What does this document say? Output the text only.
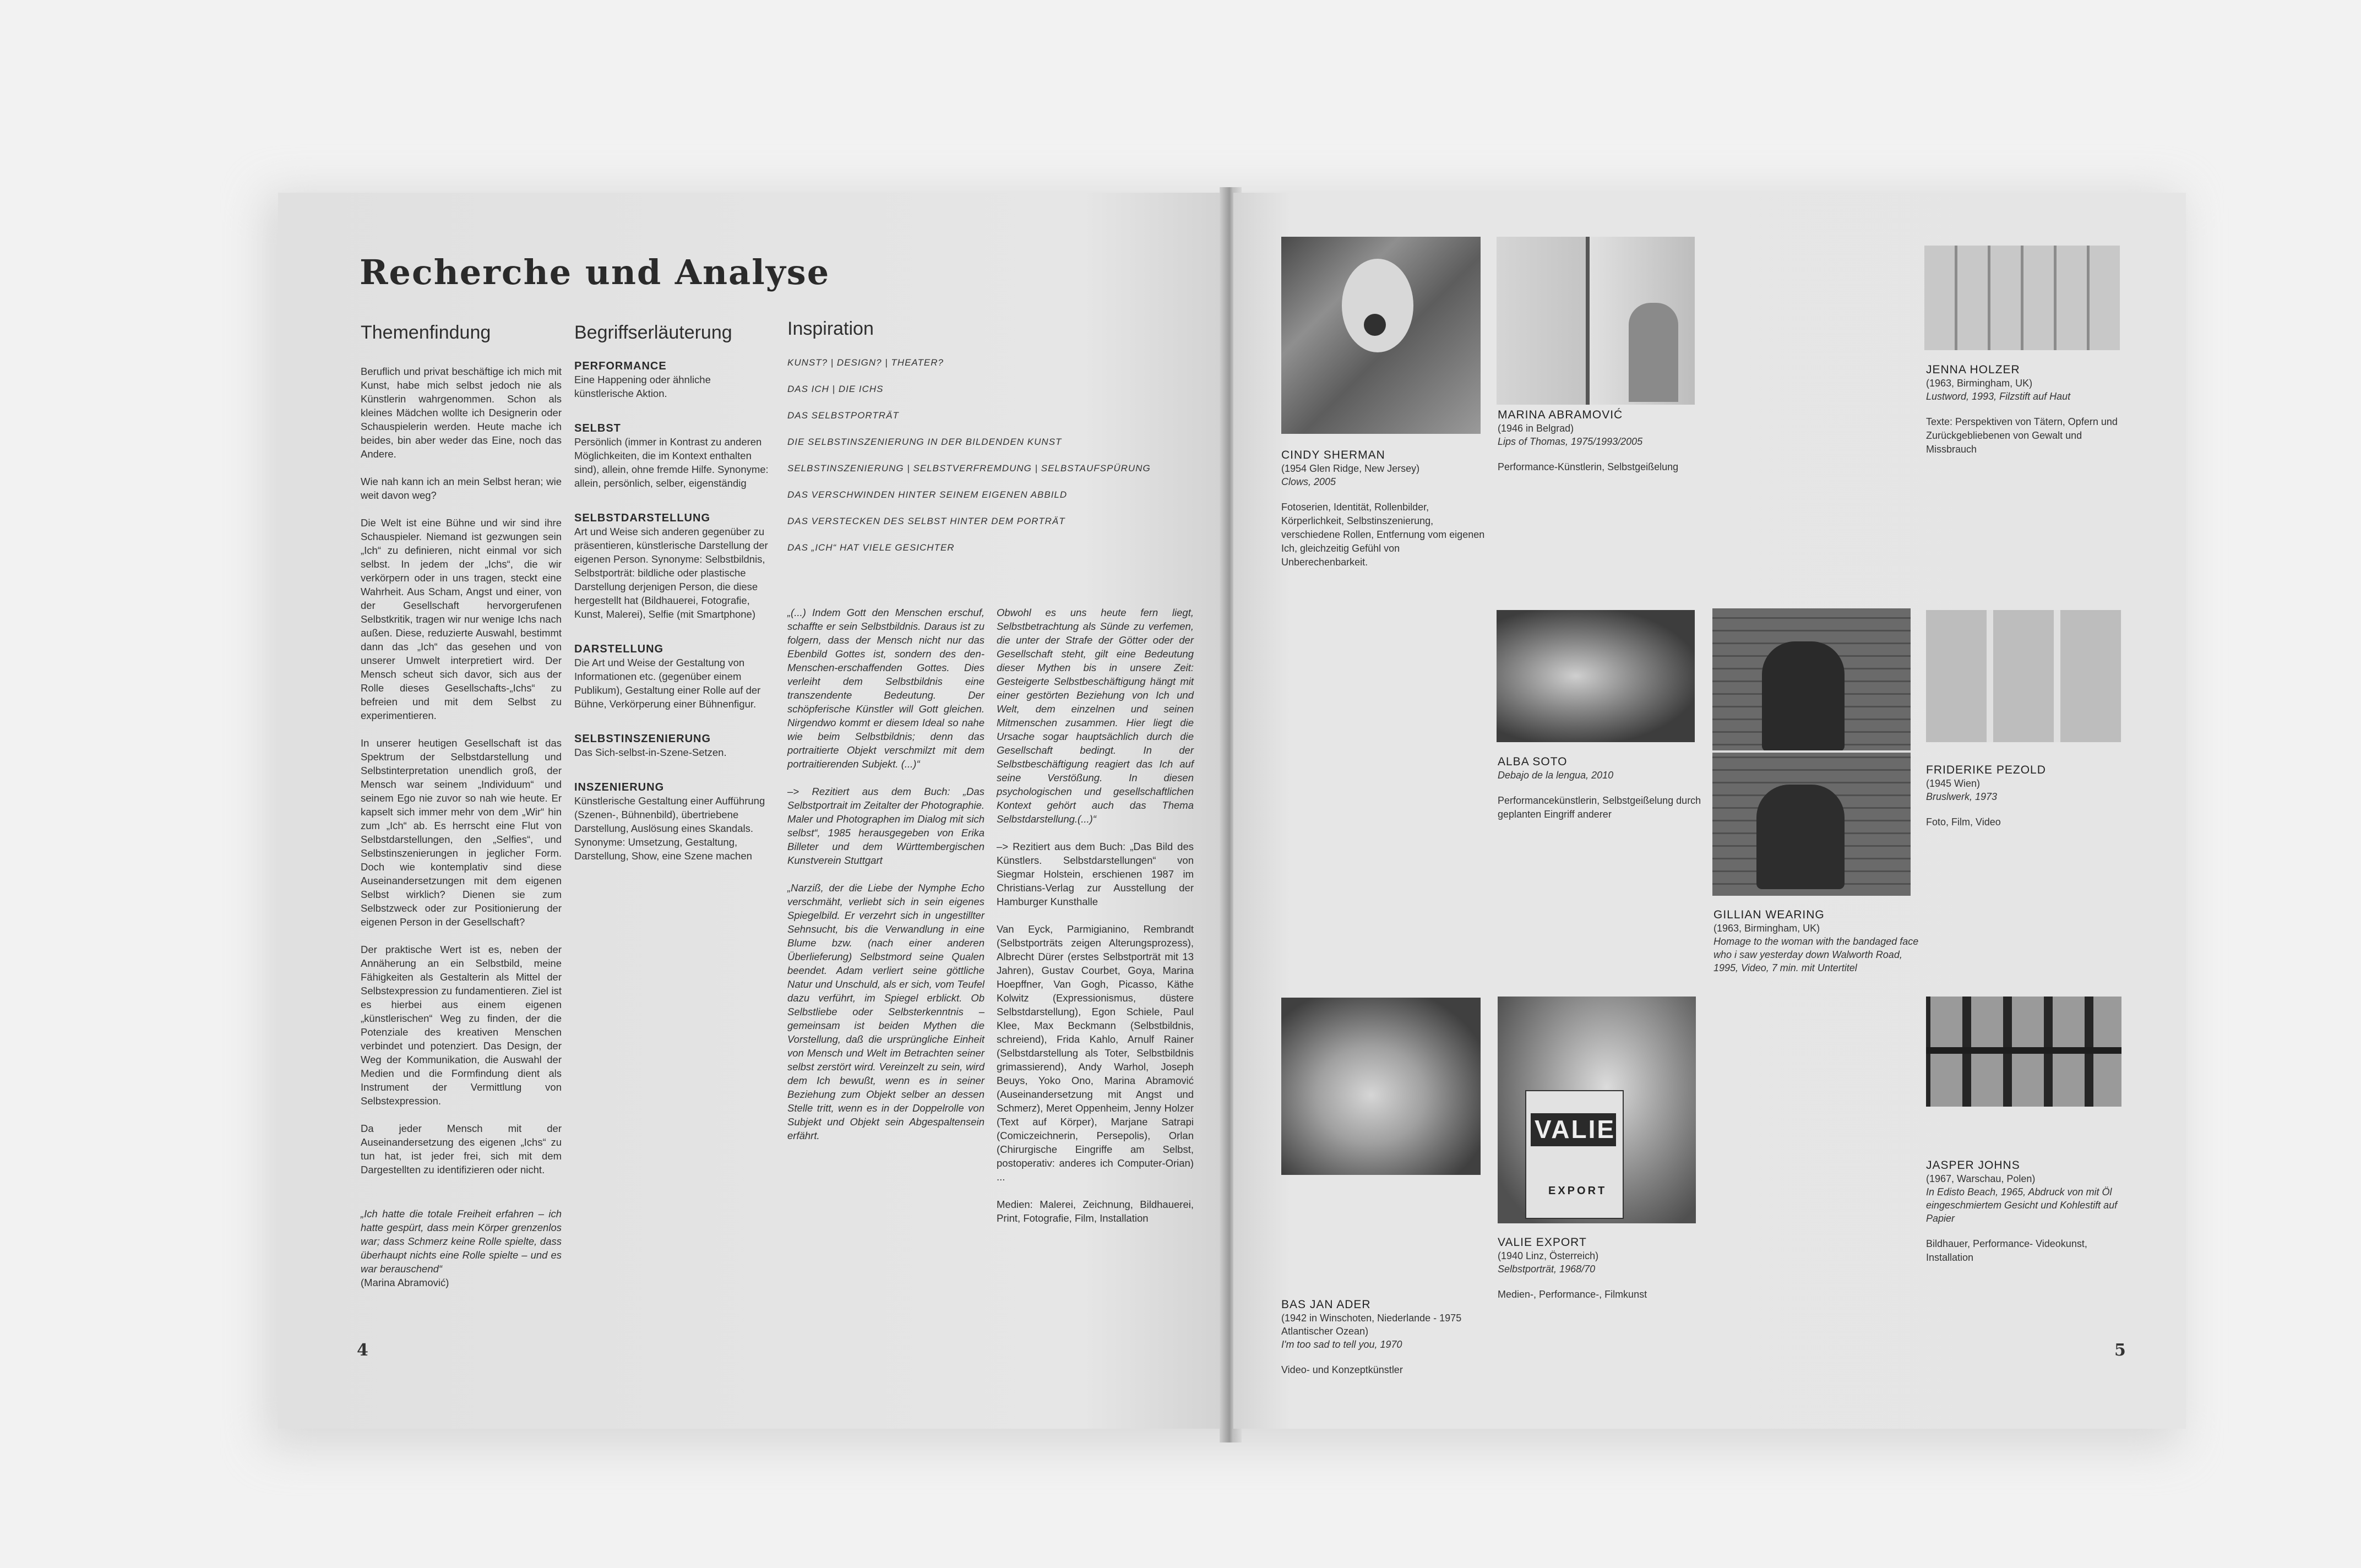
Recherche und Analyse
Themenfindung

Beruflich und privat beschäftige ich mich mit Kunst, habe mich selbst jedoch nie als Künstlerin wahrgenommen. Schon als kleines Mädchen wollte ich Designerin oder Schauspielerin werden. Heute mache ich beides, bin aber weder das Eine, noch das Andere.

Wie nah kann ich an mein Selbst heran; wie weit davon weg?

Die Welt ist eine Bühne und wir sind ihre Schauspieler. Niemand ist gezwungen sein „Ich“ zu definieren, nicht einmal vor sich selbst. In jedem der „Ichs“, die wir verkörpern oder in uns tragen, steckt eine Wahrheit. Aus Scham, Angst und einer, von der Gesellschaft hervorgerufenen Selbstkritik, tragen wir nur wenige Ichs nach außen. Diese, reduzierte Auswahl, bestimmt dann das „Ich“ das gesehen und von unserer Umwelt interpretiert wird. Der Mensch scheut sich davor, sich aus der Rolle dieses Gesellschafts-„Ichs“ zu befreien und mit dem Selbst zu experimentieren.

In unserer heutigen Gesellschaft ist das Spektrum der Selbstdarstellung und Selbstinterpretation unendlich groß, der Mensch war seinem „Individuum“ und seinem Ego nie zuvor so nah wie heute. Er kapselt sich immer mehr von dem „Wir“ hin zum „Ich“ ab. Es herrscht eine Flut von Selbstdarstellungen, den „Selfies“, und Selbstinszenierungen in jeglicher Form. Doch wie kontemplativ sind diese Auseinandersetzungen mit dem eigenen Selbst wirklich? Dienen sie zum Selbstzweck oder zur Positionierung der eigenen Person in der Gesellschaft?

Der praktische Wert ist es, neben der Annäherung an ein Selbstbild, meine Fähigkeiten als Gestalterin als Mittel der Selbstexpression zu fundamentieren. Ziel ist es hierbei aus einem eigenen „künstlerischen“ Weg zu finden, der die Potenziale des kreativen Menschen verbindet und potenziert. Das Design, der Weg der Kommunikation, die Auswahl der Medien und die Formfindung dient als Instrument der Vermittlung von Selbstexpression.

Da jeder Mensch mit der Auseinandersetzung des eigenen „Ichs“ zu tun hat, ist jeder frei, sich mit dem Dargestellten zu identifizieren oder nicht.

„Ich hatte die totale Freiheit erfahren – ich hatte gespürt, dass mein Körper grenzenlos war; dass Schmerz keine Rolle spielte, dass überhaupt nichts eine Rolle spielte – und es war berauschend“

(Marina Abramović)

Begriffserläuterung

PERFORMANCE

Eine Happening oder ähnliche künstlerische Aktion.

SELBST

Persönlich (immer in Kontrast zu anderen Möglichkeiten, die im Kontext enthalten sind), allein, ohne fremde Hilfe. Synonyme: allein, persönlich, selber, eigenständig

SELBSTDARSTELLUNG

Art und Weise sich anderen gegenüber zu präsentieren, künstlerische Darstellung der eigenen Person. Synonyme: Selbstbildnis, Selbstporträt: bildliche oder plastische Darstellung derjenigen Person, die diese hergestellt hat (Bildhauerei, Fotografie, Kunst, Malerei), Selfie (mit Smartphone)

DARSTELLUNG

Die Art und Weise der Gestaltung von Informationen etc. (gegenüber einem Publikum), Gestaltung einer Rolle auf der Bühne, Verkörperung einer Bühnenfigur.

SELBSTINSZENIERUNG

Das Sich-selbst-in-Szene-Setzen.

INSZENIERUNG

Künstlerische Gestaltung einer Aufführung (Szenen-, Bühnenbild), übertriebene Darstellung, Auslösung eines Skandals. Synonyme: Umsetzung, Gestaltung, Darstellung, Show, eine Szene machen

Inspiration

KUNST? | DESIGN? | THEATER?

DAS ICH | DIE ICHS

DAS SELBSTPORTRÄT

DIE SELBSTINSZENIERUNG IN DER BILDENDEN KUNST

SELBSTINSZENIERUNG | SELBSTVERFREMDUNG | SELBSTAUFSPÜRUNG

DAS VERSCHWINDEN HINTER SEINEM EIGENEN ABBILD

DAS VERSTECKEN DES SELBST HINTER DEM PORTRÄT

DAS „ICH“ HAT VIELE GESICHTER

„(...) Indem Gott den Menschen erschuf, schaffte er sein Selbstbildnis. Daraus ist zu folgern, dass der Mensch nicht nur das Ebenbild Gottes ist, sondern des den-Menschen-erschaffenden Gottes. Dies verleiht dem Selbstbildnis eine transzendente Bedeutung. Der schöpferische Künstler will Gott gleichen. Nirgendwo kommt er diesem Ideal so nahe wie beim Selbstbildnis; denn das portraitierte Objekt verschmilzt mit dem portraitierenden Subjekt. (...)“

–> Rezitiert aus dem Buch: „Das Selbstportrait im Zeitalter der Photographie. Maler und Photographen im Dialog mit sich selbst“, 1985 herausgegeben von Erika Billeter und dem Württembergischen Kunstverein Stuttgart

„Narziß, der die Liebe der Nymphe Echo verschmäht, verliebt sich in sein eigenes Spiegelbild. Er verzehrt sich in ungestillter Sehnsucht, bis die Verwandlung in eine Blume bzw. (nach einer anderen Überlieferung) Selbstmord seine Qualen beendet. Adam verliert seine göttliche Natur und Unschuld, als er sich, vom Teufel dazu verführt, im Spiegel erblickt. Ob Selbstliebe oder Selbsterkenntnis – gemeinsam ist beiden Mythen die Vorstellung, daß die ursprüngliche Einheit von Mensch und Welt im Betrachten seiner selbst zerstört wird. Vereinzelt zu sein, wird dem Ich bewußt, wenn es in seiner Beziehung zum Objekt selber an dessen Stelle tritt, wenn es in der Doppelrolle von Subjekt und Objekt sein Abgespaltensein erfährt.

Obwohl es uns heute fern liegt, Selbstbetrachtung als Sünde zu verfemen, die unter der Strafe der Götter oder der Gesellschaft steht, gilt eine Bedeutung dieser Mythen bis in unsere Zeit: Gesteigerte Selbstbeschäftigung hängt mit einer gestörten Beziehung von Ich und Welt, dem einzelnen und seinen Mitmenschen zusammen. Hier liegt die Ursache sogar hauptsächlich durch die Gesellschaft bedingt. In der Selbstbeschäftigung reagiert das Ich auf seine Verstößung. In diesen psychologischen und gesellschaftlichen Kontext gehört auch das Thema Selbstdarstellung.(...)“

–> Rezitiert aus dem Buch: „Das Bild des Künstlers. Selbstdarstellungen“ von Siegmar Holstein, erschienen 1987 im Christians-Verlag zur Ausstellung der Hamburger Kunsthalle

Van Eyck, Parmigianino, Rembrandt (Selbstporträts zeigen Alterungsprozess), Albrecht Dürer (erstes Selbstporträt mit 13 Jahren), Gustav Courbet, Goya, Marina Hoepffner, Van Gogh, Picasso, Käthe Kolwitz (Expressionismus, düstere Selbstdarstellung), Egon Schiele, Paul Klee, Max Beckmann (Selbstbildnis, schreiend), Frida Kahlo, Arnulf Rainer (Selbstdarstellung als Toter, Selbstbildnis grimassierend), Andy Warhol, Joseph Beuys, Yoko Ono, Marina Abramović (Auseinandersetzung mit Angst und Schmerz), Meret Oppenheim, Jenny Holzer (Text auf Körper), Marjane Satrapi (Comiczeichnerin, Persepolis), Orlan (Chirurgische Eingriffe am Selbst, postoperativ: anderes ich Computer-Orian) ...

Medien: Malerei, Zeichnung, Bildhauerei, Print, Fotografie, Film, Installation

4

CINDY SHERMAN

(1954 Glen Ridge, New Jersey)

Clows, 2005

Fotoserien, Identität, Rollenbilder, Körperlichkeit, Selbstinszenierung, verschiedene Rollen, Entfernung vom eigenen Ich, gleichzeitig Gefühl von Unberechenbarkeit.

MARINA ABRAMOVIĆ

(1946 in Belgrad)

Lips of Thomas, 1975/1993/2005

Performance-Künstlerin, Selbstgeißelung

JENNA HOLZER

(1963, Birmingham, UK)

Lustword, 1993, Filzstift auf Haut

Texte: Perspektiven von Tätern, Opfern und Zurückgebliebenen von Gewalt und Missbrauch

ALBA SOTO

Debajo de la lengua, 2010

Performancekünstlerin, Selbstgeißelung durch geplanten Eingriff anderer

GILLIAN WEARING

(1963, Birmingham, UK)

Homage to the woman with the bandaged face who i saw yesterday down Walworth Road, 1995, Video, 7 min. mit Untertitel

FRIDERIKE PEZOLD

(1945 Wien)

Bruslwerk, 1973

Foto, Film, Video

VALIE
EXPORT

BAS JAN ADER

(1942 in Winschoten, Niederlande - 1975 Atlantischer Ozean)

I'm too sad to tell you, 1970

Video- und Konzeptkünstler

VALIE EXPORT

(1940 Linz, Österreich)

Selbstporträt, 1968/70

Medien-, Performance-, Filmkunst

JASPER JOHNS

(1967, Warschau, Polen)

In Edisto Beach, 1965, Abdruck von mit Öl eingeschmiertem Gesicht und Kohlestift auf Papier

Bildhauer, Performance- Videokunst, Installation

5
